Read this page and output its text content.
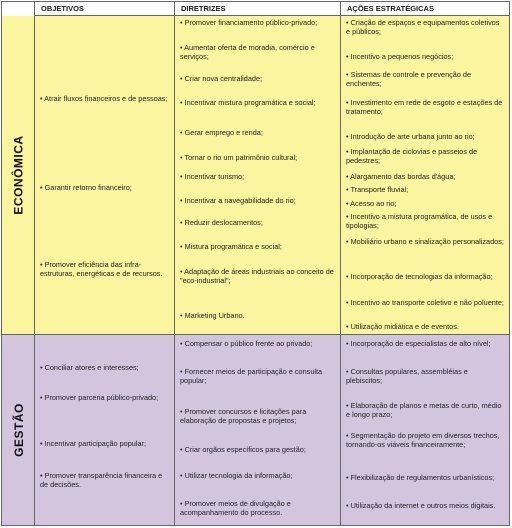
OBJETIVOS	DIRETRIZES	AÇÕES ESTRATÉGICAS
ECONÔMICA
GESTÃO
• Atrair fluxos financeiros e de pessoas;
• Garantir retorno financeiro;
• Promover eficiência das infra-estruturas, energéticas e de recursos.
• Promover financiamento público-privado;
• Aumentar oferta de moradia, comércio e serviços;
• Criar nova centralidade;
• Incentivar mistura programática e social;
• Gerar emprego e renda;
• Tornar o rio um patrimônio cultural;
• Incentivar turismo;
• Incentivar a navegabilidade do rio;
• Reduzir deslocamentos;
• Mistura programática e social;
• Adaptação de áreas industriais ao conceito de "eco-industrial";
• Marketing Urbano.
• Criação de espaços e equipamentos coletivos e públicos;
• Incentivo a pequenos negócios;
• Sistemas de controle e prevenção de enchentes;
• Investimento em rede de esgoto e estações de tratamento;
• Introdução de arte urbana junto ao rio;
• Implantação de ciclovias e passeios de pedestres;
• Alargamento das bordas d'água;
• Transporte fluvial;
• Acesso ao rio;
• Incentivo a mistura programática, de usos e tipologias;
• Mobiliário urbano e sinalização personalizados;
• Incorporação de tecnologias da informação;
• Incentivo ao transporte coletivo e não poluente;
• Utilização midiática e de eventos.
• Conciliar atores e interesses;
• Promover parceria público-privado;
• Incentivar participação popular;
• Promover transparência financeira e de decisões.
• Compensar o público frente ao privado;
• Fornecer meios de participação e consulta popular;
• Promover concursos e licitações para elaboração de propostas e projetos;
• Criar orgãos específicos para gestão;
• Utilizar tecnologia da informação;
• Promover meios de divulgação e acompanhamento do processo.
• Incorporação de especialistas de alto nível;
• Consultas populares, assembléias e plebiscitos;
• Elaboração de planos e metas de curto, médio e longo prazo;
• Segmentação do projeto em diversos trechos, tornando-os viáveis financeiramente;
• Flexibilização de regulamentos urbanísticos;
• Utilização da internet e outros meios digitais.
